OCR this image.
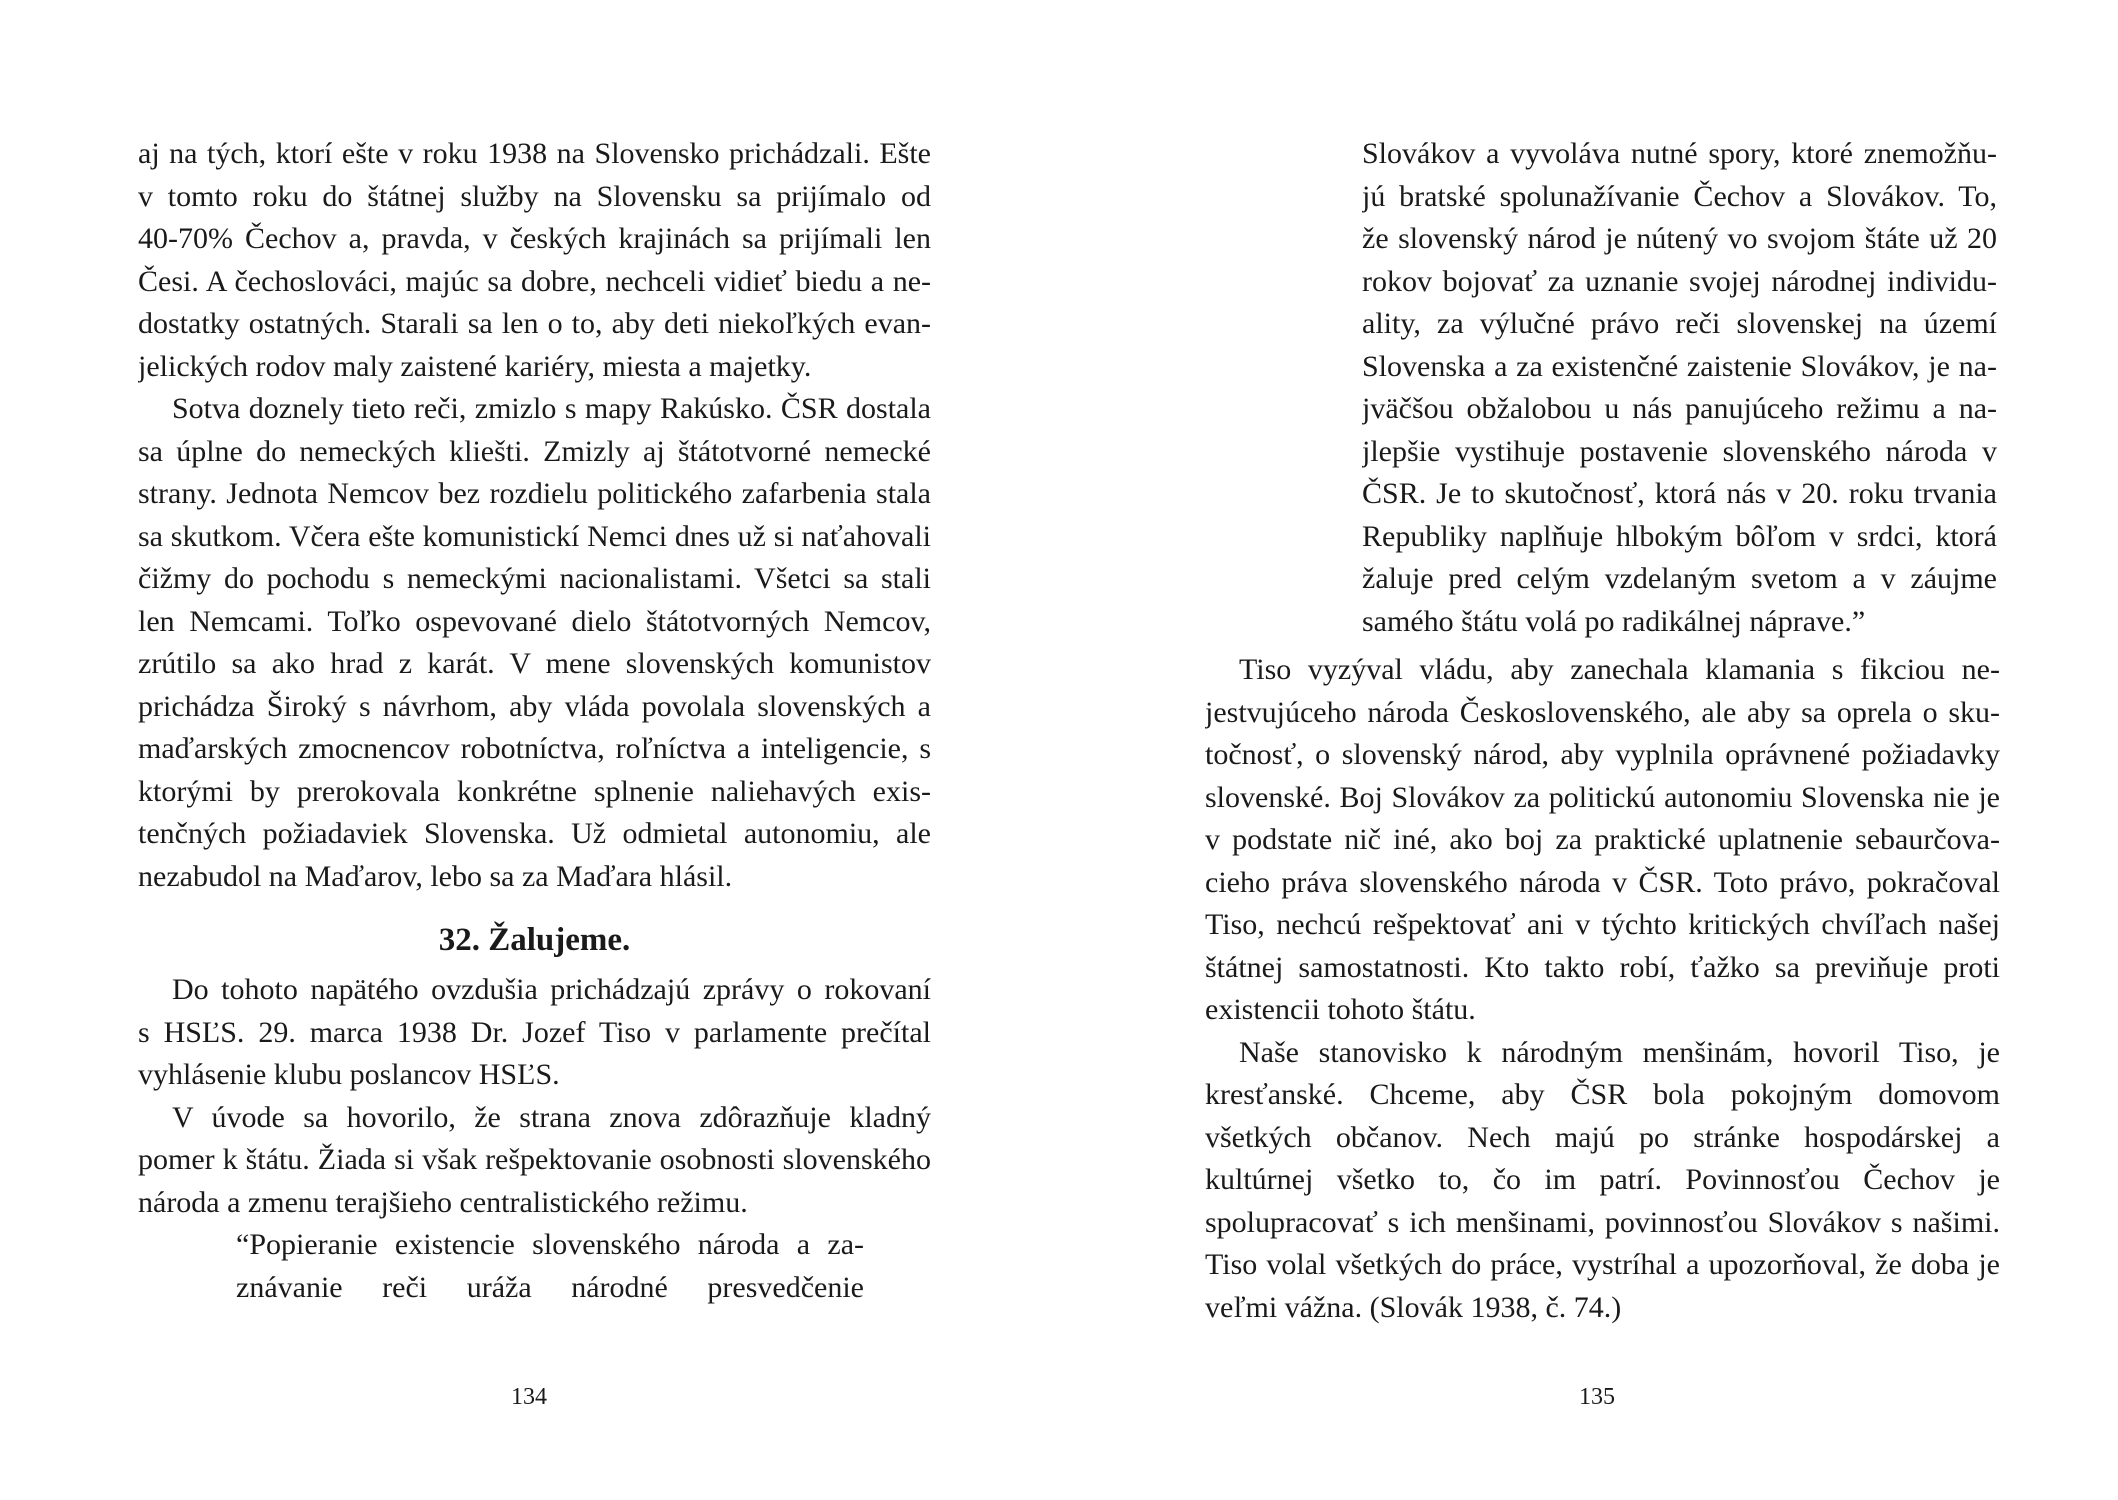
aj na tých, ktorí ešte v roku 1938 na Slovensko prichádzali. Ešte
v tomto roku do štátnej služby na Slovensku sa prijímalo od
40-70% Čechov a, pravda, v českých krajinách sa prijímali len
Česi. A čechoslováci, majúc sa dobre, nechceli vidieť biedu a ne-
dostatky ostatných. Starali sa len o to, aby deti niekoľkých evan-
jelických rodov maly zaistené kariéry, miesta a majetky.
Sotva doznely tieto reči, zmizlo s mapy Rakúsko. ČSR dostala
sa úplne do nemeckých kliešti. Zmizly aj štátotvorné nemecké
strany. Jednota Nemcov bez rozdielu politického zafarbenia stala
sa skutkom. Včera ešte komunistickí Nemci dnes už si naťahovali
čižmy do pochodu s nemeckými nacionalistami. Všetci sa stali
len Nemcami. Toľko ospevované dielo štátotvorných Nemcov,
zrútilo sa ako hrad z karát. V mene slovenských komunistov
prichádza Široký s návrhom, aby vláda povolala slovenských a
maďarských zmocnencov robotníctva, roľníctva a inteligencie, s
ktorými by prerokovala konkrétne splnenie naliehavých exis-
tenčných požiadaviek Slovenska. Už odmietal autonomiu, ale
nezabudol na Maďarov, lebo sa za Maďara hlásil.
32. Žalujeme.
Do tohoto napätého ovzdušia prichádzajú zprávy o rokovaní
s HSĽS. 29. marca 1938 Dr. Jozef Tiso v parlamente prečítal
vyhlásenie klubu poslancov HSĽS.
V úvode sa hovorilo, že strana znova zdôrazňuje kladný
pomer k štátu. Žiada si však rešpektovanie osobnosti slovenského
národa a zmenu terajšieho centralistického režimu.
“Popieranie existencie slovenského národa a za-
znávanie reči uráža národné presvedčenie
134
Slovákov a vyvoláva nutné spory, ktoré znemožňu-
jú bratské spolunažívanie Čechov a Slovákov. To,
že slovenský národ je nútený vo svojom štáte už 20
rokov bojovať za uznanie svojej národnej individu-
ality, za výlučné právo reči slovenskej na území
Slovenska a za existenčné zaistenie Slovákov, je na-
jväčšou obžalobou u nás panujúceho režimu a na-
jlepšie vystihuje postavenie slovenského národa v
ČSR. Je to skutočnosť, ktorá nás v 20. roku trvania
Republiky naplňuje hlbokým bôľom v srdci, ktorá
žaluje pred celým vzdelaným svetom a v záujme
samého štátu volá po radikálnej náprave.”
Tiso vyzýval vládu, aby zanechala klamania s fikciou ne-
jestvujúceho národa Československého, ale aby sa oprela o sku-
točnosť, o slovenský národ, aby vyplnila oprávnené požiadavky
slovenské. Boj Slovákov za politickú autonomiu Slovenska nie je
v podstate nič iné, ako boj za praktické uplatnenie sebaurčova-
cieho práva slovenského národa v ČSR. Toto právo, pokračoval
Tiso, nechcú rešpektovať ani v týchto kritických chvíľach našej
štátnej samostatnosti. Kto takto robí, ťažko sa previňuje proti
existencii tohoto štátu.
Naše stanovisko k národným menšinám, hovoril Tiso, je
kresťanské. Chceme, aby ČSR bola pokojným domovom
všetkých občanov. Nech majú po stránke hospodárskej a
kultúrnej všetko to, čo im patrí. Povinnosťou Čechov je
spolupracovať s ich menšinami, povinnosťou Slovákov s našimi.
Tiso volal všetkých do práce, vystríhal a upozorňoval, že doba je
veľmi vážna. (Slovák 1938, č. 74.)
135
